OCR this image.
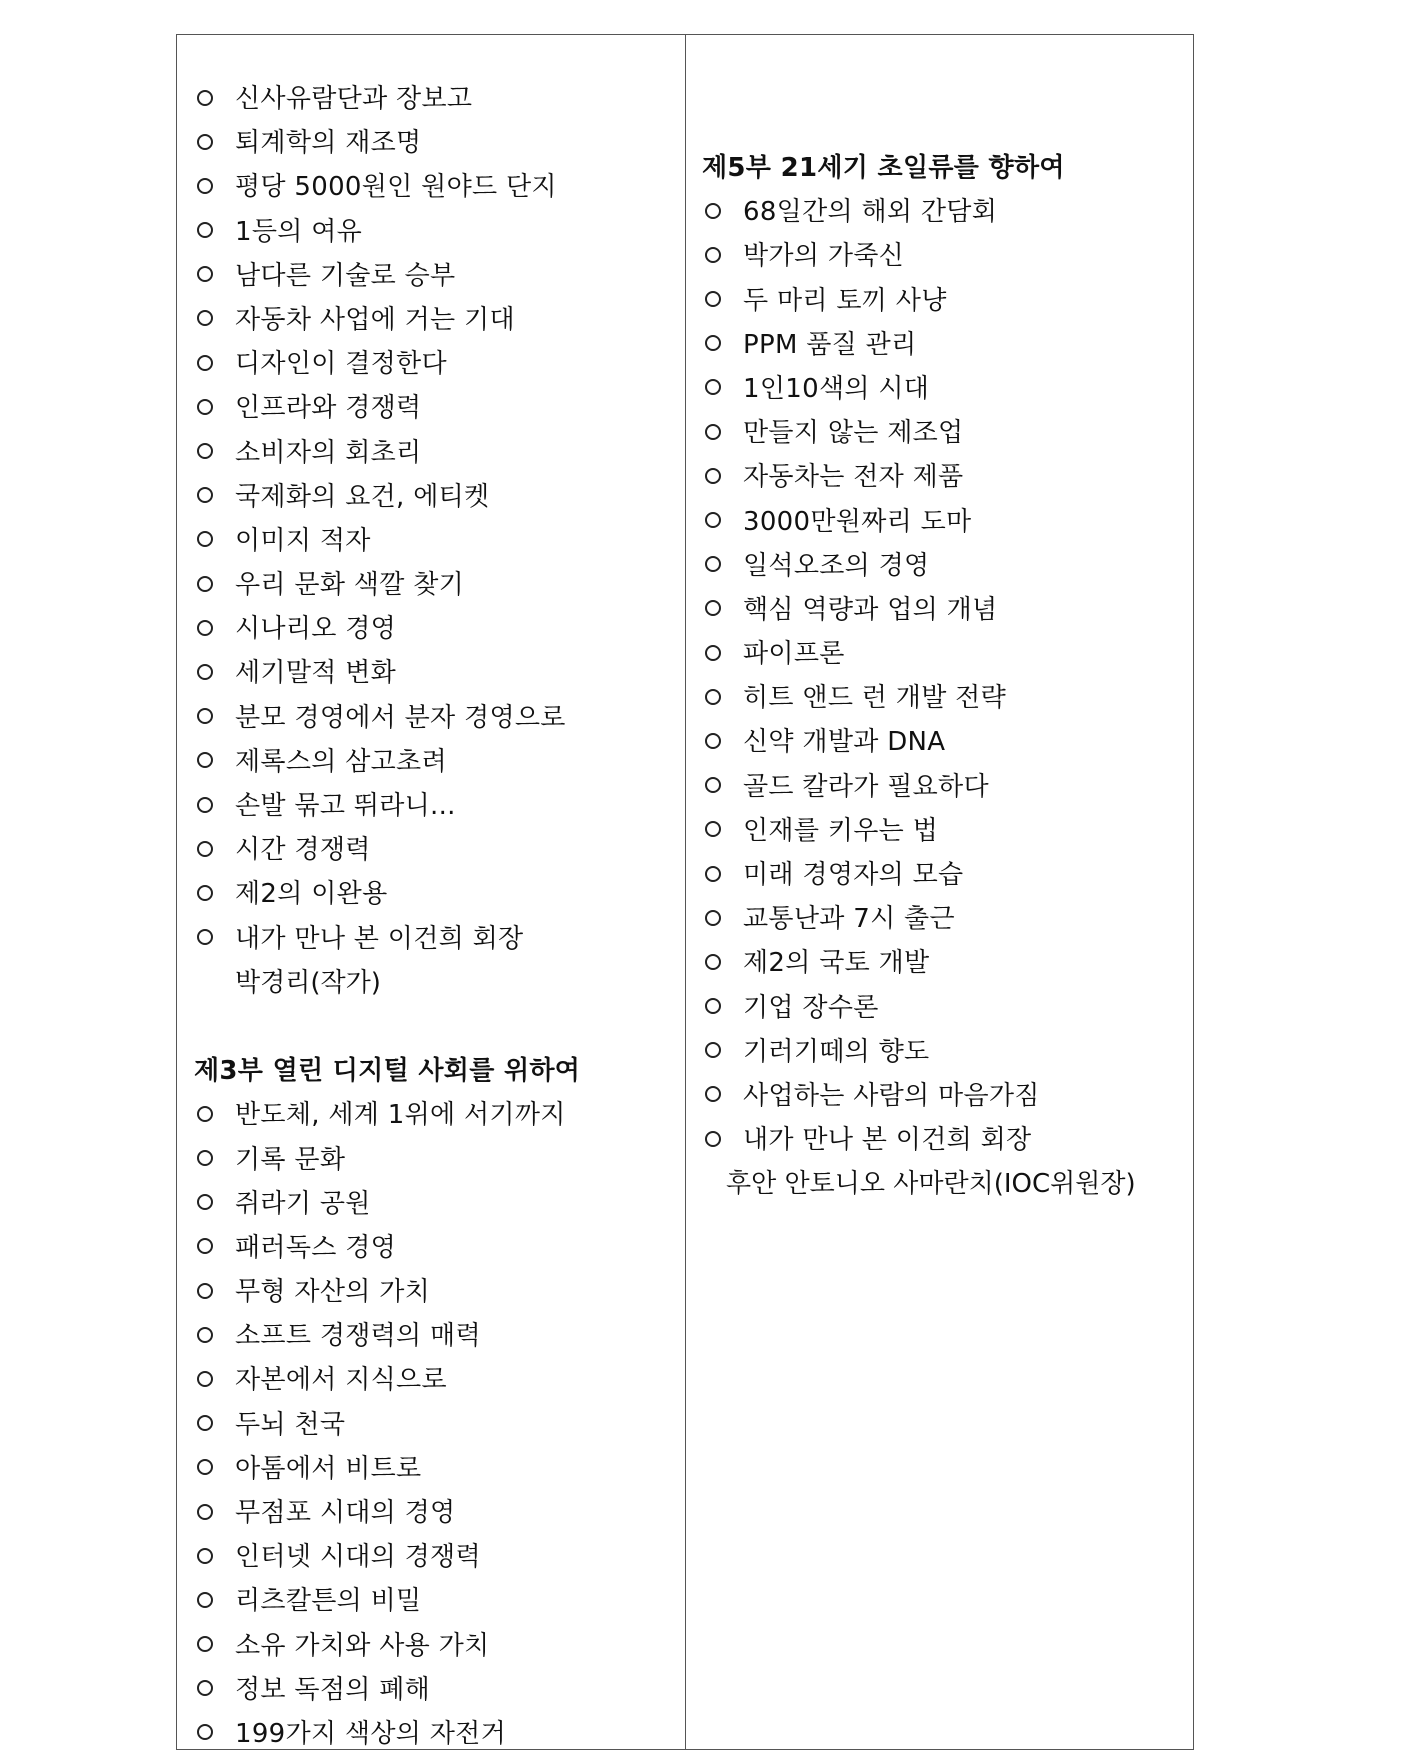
신사유람단과 장보고
퇴계학의 재조명
평당 5000원인 원야드 단지
1등의 여유
남다른 기술로 승부
자동차 사업에 거는 기대
디자인이 결정한다
인프라와 경쟁력
소비자의 회초리
국제화의 요건, 에티켓
이미지 적자
우리 문화 색깔 찾기
시나리오 경영
세기말적 변화
분모 경영에서 분자 경영으로
제록스의 삼고초려
손발 묶고 뛰라니...
시간 경쟁력
제2의 이완용
내가 만나 본 이건희 회장
박경리(작가)
제3부 열린 디지털 사회를 위하여
반도체, 세계 1위에 서기까지
기록 문화
쥐라기 공원
패러독스 경영
무형 자산의 가치
소프트 경쟁력의 매력
자본에서 지식으로
두뇌 천국
아톰에서 비트로
무점포 시대의 경영
인터넷 시대의 경쟁력
리츠칼튼의 비밀
소유 가치와 사용 가치
정보 독점의 폐해
199가지 색상의 자전거
제5부 21세기 초일류를 향하여
68일간의 해외 간담회
박가의 가죽신
두 마리 토끼 사냥
PPM 품질 관리
1인10색의 시대
만들지 않는 제조업
자동차는 전자 제품
3000만원짜리 도마
일석오조의 경영
핵심 역량과 업의 개념
파이프론
히트 앤드 런 개발 전략
신약 개발과 DNA
골드 칼라가 필요하다
인재를 키우는 법
미래 경영자의 모습
교통난과 7시 출근
제2의 국토 개발
기업 장수론
기러기떼의 향도
사업하는 사람의 마음가짐
내가 만나 본 이건희 회장
후안 안토니오 사마란치(IOC위원장)
